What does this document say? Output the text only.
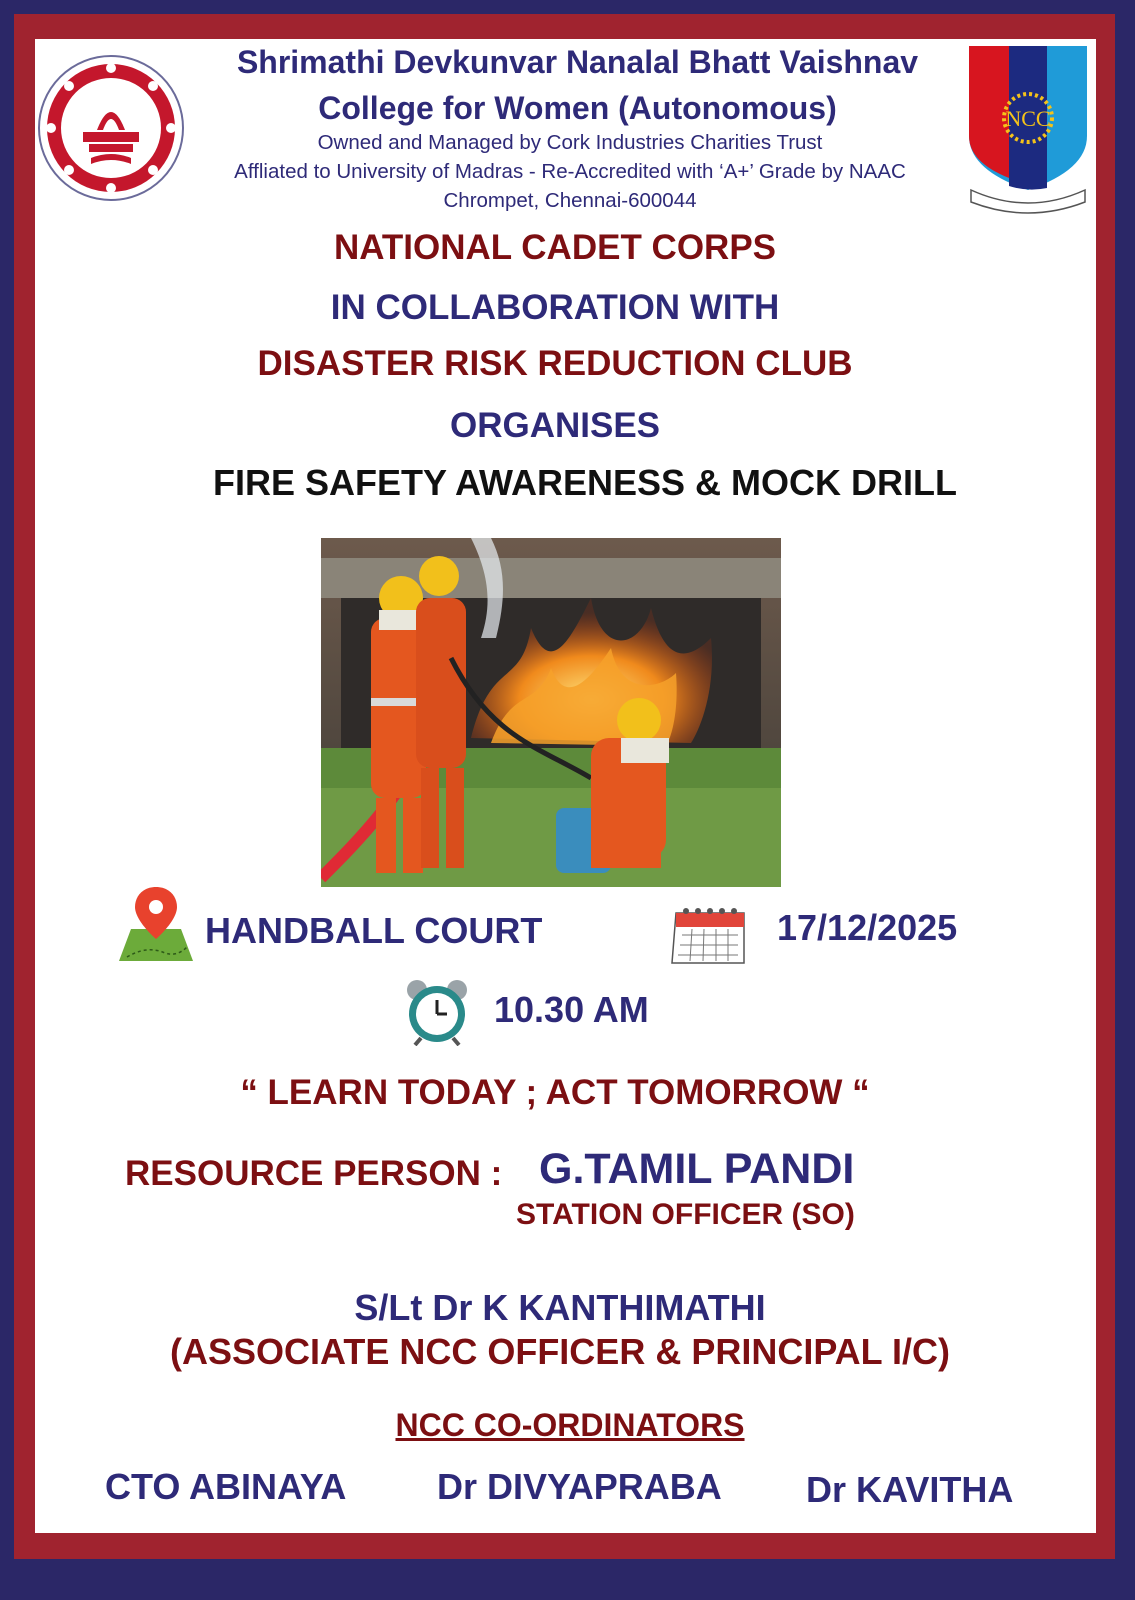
NCC
Shrimathi Devkunvar Nanalal Bhatt Vaishnav
College for Women (Autonomous)
Owned and Managed by Cork Industries Charities Trust
Affliated to University of Madras - Re-Accredited with ‘A+’ Grade by NAAC
Chrompet, Chennai-600044
NATIONAL CADET CORPS
IN COLLABORATION WITH
DISASTER RISK REDUCTION CLUB
ORGANISES
FIRE SAFETY AWARENESS & MOCK DRILL
HANDBALL COURT	17/12/2025
10.30 AM
“ LEARN TODAY ; ACT TOMORROW “
RESOURCE PERSON : G.TAMIL PANDI
STATION OFFICER (SO)
S/Lt Dr K KANTHIMATHI
(ASSOCIATE NCC OFFICER & PRINCIPAL I/C)
NCC CO-ORDINATORS
CTO ABINAYA	Dr DIVYAPRABA Dr KAVITHA
